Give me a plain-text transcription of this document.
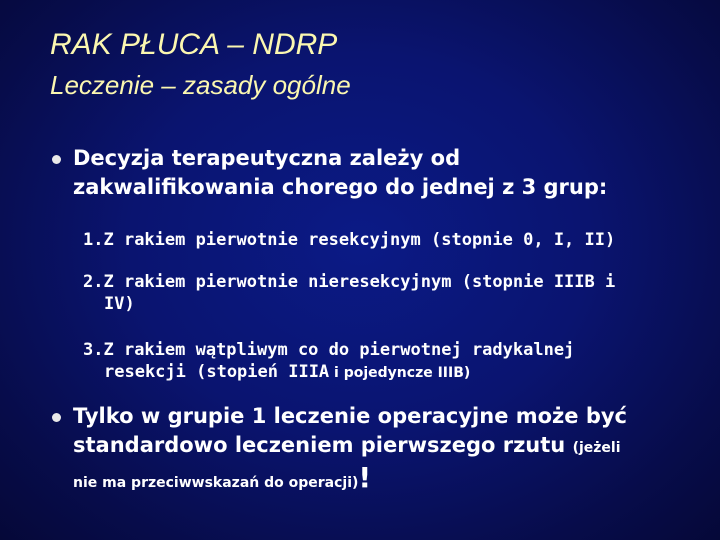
RAK PŁUCA – NDRP
Leczenie – zasady ogólne
Decyzja terapeutyczna zależy od
zakwalifikowania chorego do jednej z 3 grup:
1.Z rakiem pierwotnie resekcyjnym (stopnie 0, I, II)
2.Z rakiem pierwotnie nieresekcyjnym (stopnie IIIB i
IV)
3.Z rakiem wątpliwym co do pierwotnej radykalnej
resekcji (stopień IIIA i pojedyncze IIIB)
Tylko w grupie 1 leczenie operacyjne może być
standardowo leczeniem pierwszego rzutu (jeżeli
nie ma przeciwwskazań do operacji)!
